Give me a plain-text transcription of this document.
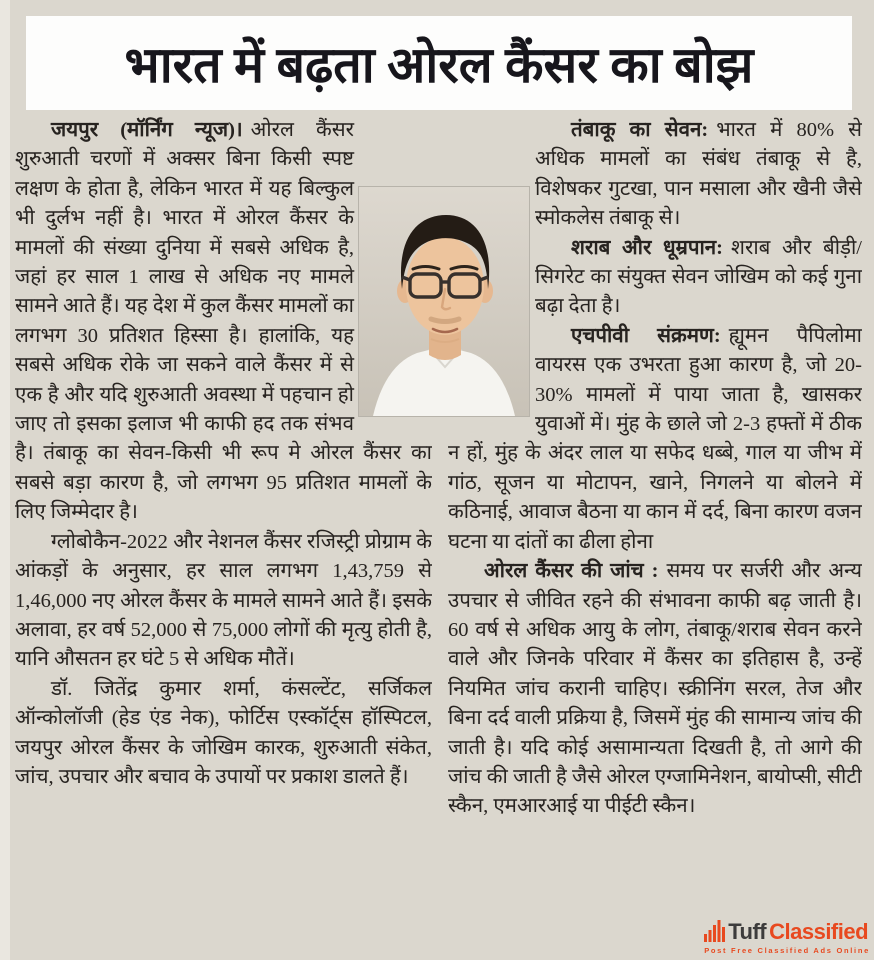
भारत में बढ़ता ओरल कैंसर का बोझ

जयपुर (मॉर्निंग न्यूज)। ओरल कैंसर शुरुआती चरणों में अक्सर बिना किसी स्पष्ट लक्षण के होता है, लेकिन भारत में यह बिल्कुल भी दुर्लभ नहीं है। भारत में ओरल कैंसर के मामलों की संख्या दुनिया में सबसे अधिक है, जहां हर साल 1 लाख से अधिक नए मामले सामने आते हैं। यह देश में कुल कैंसर मामलों का लगभग 30 प्रतिशत हिस्सा है। हालांकि, यह सबसे अधिक रोके जा सकने वाले कैंसर में से एक है और यदि शुरुआती अवस्था में पहचान हो जाए तो इसका इलाज भी काफी हद तक संभव है। तंबाकू का सेवन-किसी भी रूप मे ओरल कैंसर का सबसे बड़ा कारण है, जो लगभग 95 प्रतिशत मामलों के लिए जिम्मेदार है।

ग्लोबोकैन-2022 और नेशनल कैंसर रजिस्ट्री प्रोग्राम के आंकड़ों के अनुसार, हर साल लगभग 1,43,759 से 1,46,000 नए ओरल कैंसर के मामले सामने आते हैं। इसके अलावा, हर वर्ष 52,000 से 75,000 लोगों की मृत्यु होती है, यानि औसतन हर घंटे 5 से अधिक मौतें।

डॉ. जितेंद्र कुमार शर्मा, कंसल्टेंट, सर्जिकल ऑन्कोलॉजी (हेड एंड नेक), फोर्टिस एस्कॉर्ट्स हॉस्पिटल, जयपुर ओरल कैंसर के जोखिम कारक, शुरुआती संकेत, जांच, उपचार और बचाव के उपायों पर प्रकाश डालते हैं।

तंबाकू का सेवन: भारत में 80% से अधिक मामलों का संबंध तंबाकू से है, विशेषकर गुटखा, पान मसाला और खैनी जैसे स्मोकलेस तंबाकू से।

शराब और धूम्रपान: शराब और बीड़ी/सिगरेट का संयुक्त सेवन जोखिम को कई गुना बढ़ा देता है।

एचपीवी संक्रमण: ह्यूमन पैपिलोमा वायरस एक उभरता हुआ कारण है, जो 20-30% मामलों में पाया जाता है, खासकर युवाओं में। मुंह के छाले जो 2-3 हफ्तों में ठीक न हों, मुंह के अंदर लाल या सफेद धब्बे, गाल या जीभ में गांठ, सूजन या मोटापन, खाने, निगलने या बोलने में कठिनाई, आवाज बैठना या कान में दर्द, बिना कारण वजन घटना या दांतों का ढीला होना

ओरल कैंसर की जांच : समय पर सर्जरी और अन्य उपचार से जीवित रहने की संभावना काफी बढ़ जाती है। 60 वर्ष से अधिक आयु के लोग, तंबाकू/शराब सेवन करने वाले और जिनके परिवार में कैंसर का इतिहास है, उन्हें नियमित जांच करानी चाहिए। स्क्रीनिंग सरल, तेज और बिना दर्द वाली प्रक्रिया है, जिसमें मुंह की सामान्य जांच की जाती है। यदि कोई असामान्यता दिखती है, तो आगे की जांच की जाती है जैसे ओरल एग्जामिनेशन, बायोप्सी, सीटी स्कैन, एमआरआई या पीईटी स्कैन।

Tuff Classified
Post Free Classified Ads Online
